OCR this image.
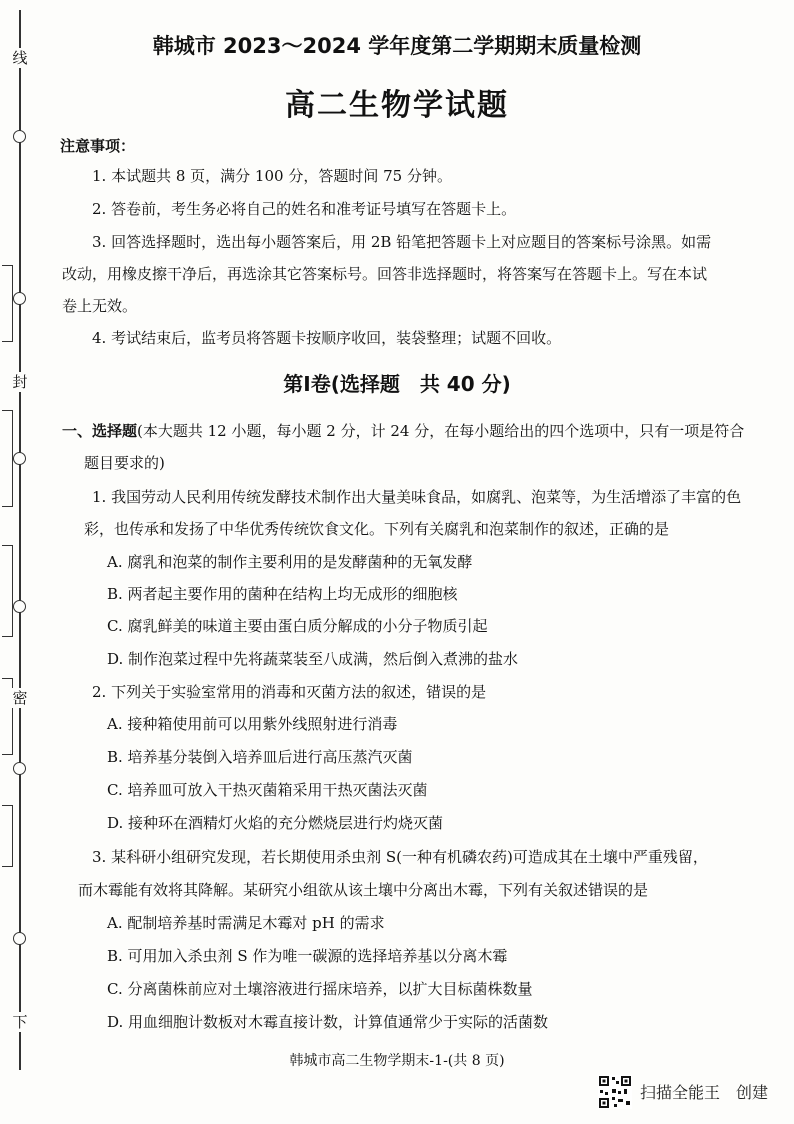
线
封
密
下
韩城市 2023～2024 学年度第二学期期末质量检测
高二生物学试题
注意事项：
1. 本试题共 8 页，满分 100 分，答题时间 75 分钟。
2. 答卷前，考生务必将自己的姓名和准考证号填写在答题卡上。
3. 回答选择题时，选出每小题答案后，用 2B 铅笔把答题卡上对应题目的答案标号涂黑。如需
改动，用橡皮擦干净后，再选涂其它答案标号。回答非选择题时，将答案写在答题卡上。写在本试
卷上无效。
4. 考试结束后，监考员将答题卡按顺序收回，装袋整理；试题不回收。
第Ⅰ卷(选择题　共 40 分)
一、选择题(本大题共 12 小题，每小题 2 分，计 24 分，在每小题给出的四个选项中，只有一项是符合
题目要求的)
1. 我国劳动人民利用传统发酵技术制作出大量美味食品，如腐乳、泡菜等，为生活增添了丰富的色
彩，也传承和发扬了中华优秀传统饮食文化。下列有关腐乳和泡菜制作的叙述，正确的是
A. 腐乳和泡菜的制作主要利用的是发酵菌种的无氧发酵
B. 两者起主要作用的菌种在结构上均无成形的细胞核
C. 腐乳鲜美的味道主要由蛋白质分解成的小分子物质引起
D. 制作泡菜过程中先将蔬菜装至八成满，然后倒入煮沸的盐水
2. 下列关于实验室常用的消毒和灭菌方法的叙述，错误的是
A. 接种箱使用前可以用紫外线照射进行消毒
B. 培养基分装倒入培养皿后进行高压蒸汽灭菌
C. 培养皿可放入干热灭菌箱采用干热灭菌法灭菌
D. 接种环在酒精灯火焰的充分燃烧层进行灼烧灭菌
3. 某科研小组研究发现，若长期使用杀虫剂 S(一种有机磷农药)可造成其在土壤中严重残留，
而木霉能有效将其降解。某研究小组欲从该土壤中分离出木霉，下列有关叙述错误的是
A. 配制培养基时需满足木霉对 pH 的需求
B. 可用加入杀虫剂 S 作为唯一碳源的选择培养基以分离木霉
C. 分离菌株前应对土壤溶液进行摇床培养，以扩大目标菌株数量
D. 用血细胞计数板对木霉直接计数，计算值通常少于实际的活菌数
韩城市高二生物学期末-1-(共 8 页)
扫描全能王　创建
